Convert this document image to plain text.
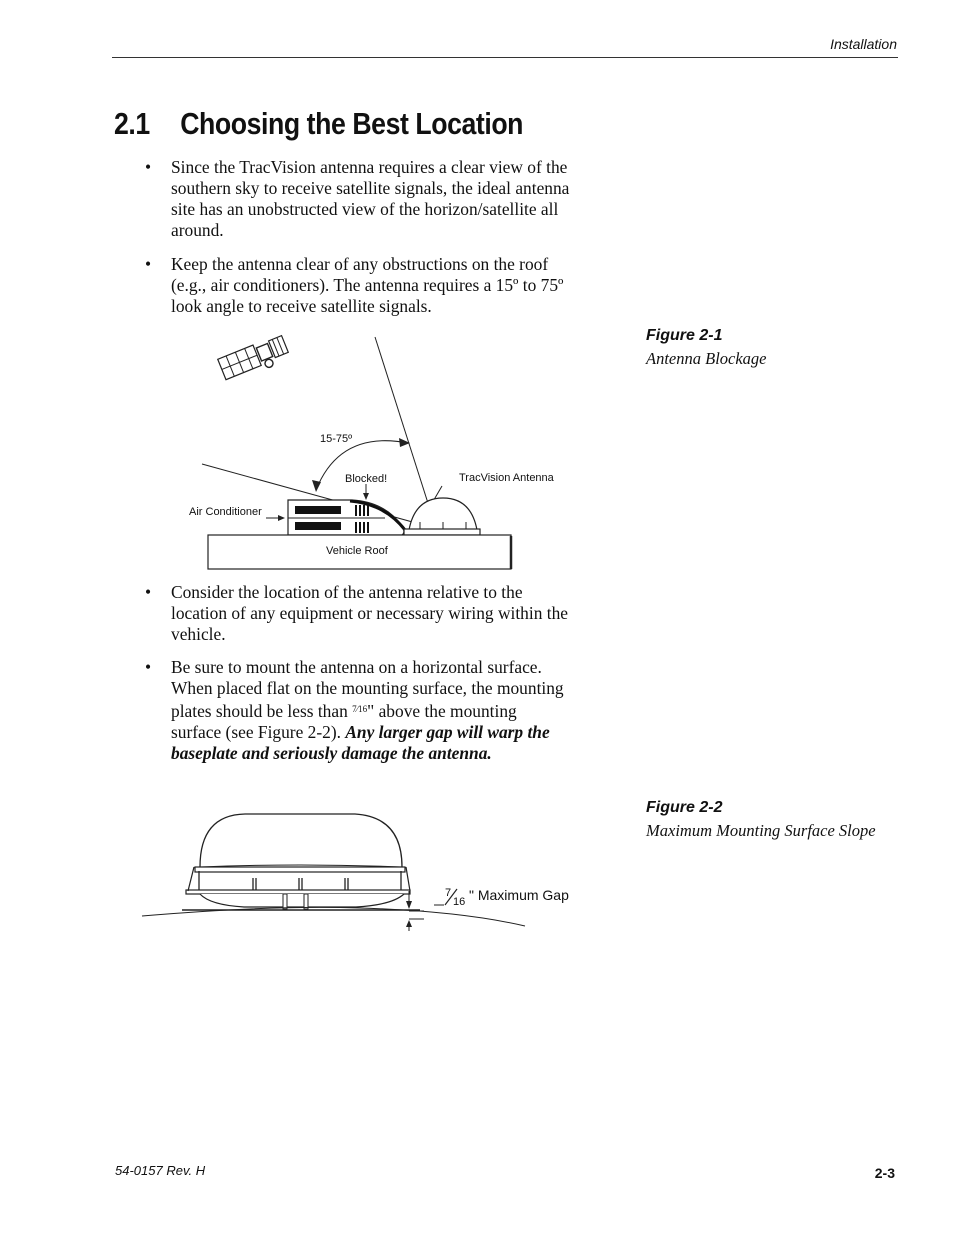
Installation
2.1 Choosing the Best Location
• Since the TracVision antenna requires a clear view of the southern sky to receive satellite signals, the ideal antenna site has an unobstructed view of the horizon/satellite all around.
• Keep the antenna clear of any obstructions on the roof (e.g., air conditioners). The antenna requires a 15º to 75º look angle to receive satellite signals.
Figure 2-1
Antenna Blockage
15-75º
Blocked!	TracVision Antenna
Air Conditioner
Vehicle Roof
• Consider the location of the antenna relative to the location of any equipment or necessary wiring within the vehicle.
• Be sure to mount the antenna on a horizontal surface. When placed flat on the mounting surface, the mounting plates should be less than $^{7⁄16}$" above the mounting surface (see Figure 2-2). Any larger gap will warp the baseplate and seriously damage the antenna.
Figure 2-2
Maximum Mounting Surface Slope
7
16 " Maximum Gap
54-0157 Rev. H	2-3
